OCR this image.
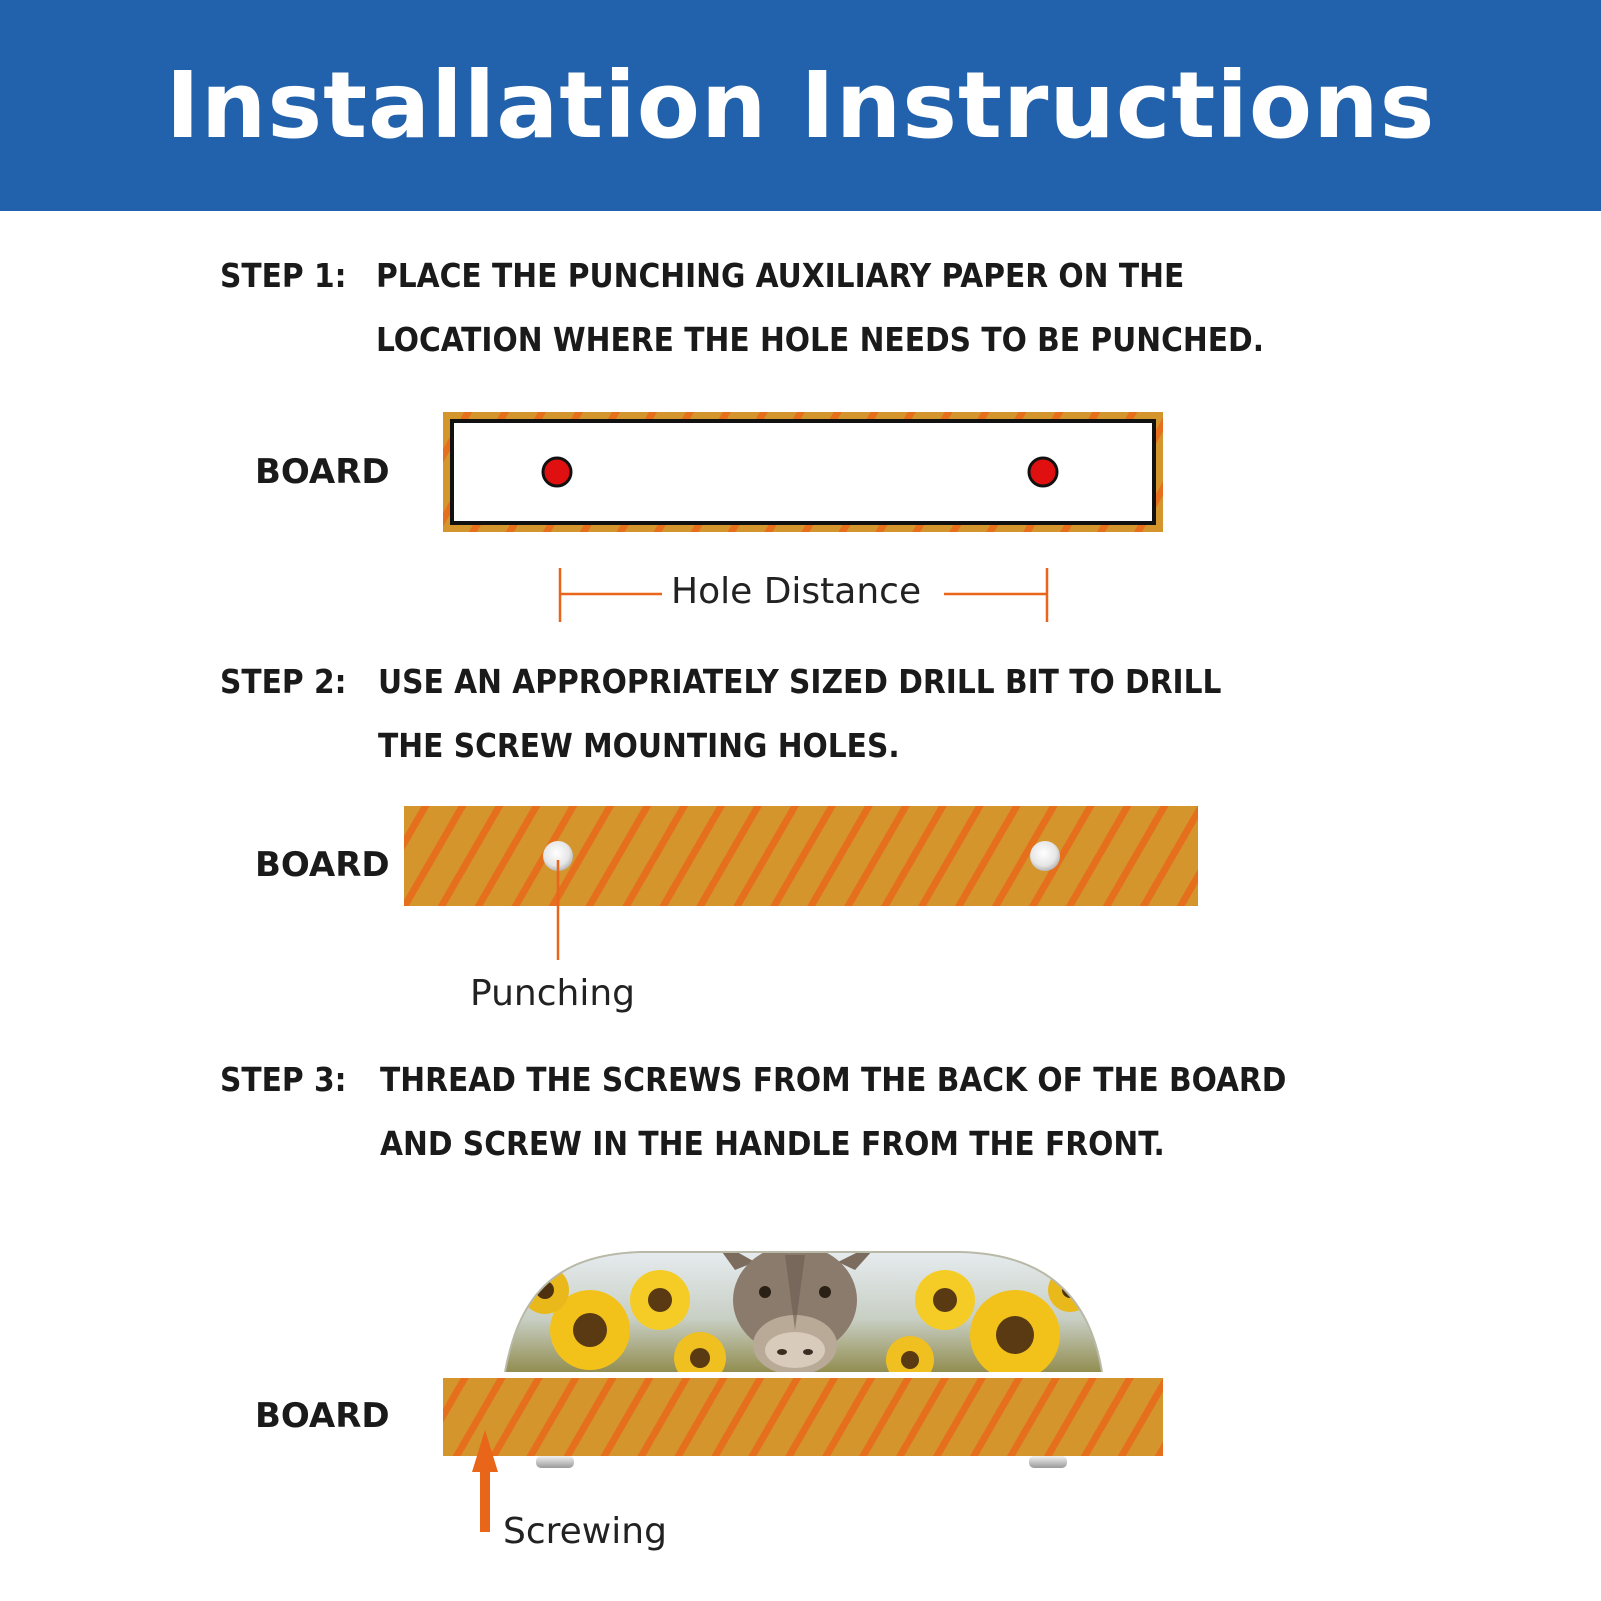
Installation Instructions
STEP 1: PLACE THE PUNCHING AUXILIARY PAPER ON THE
LOCATION WHERE THE HOLE NEEDS TO BE PUNCHED.
STEP 2: USE AN APPROPRIATELY SIZED DRILL BIT TO DRILL
THE SCREW MOUNTING HOLES.
STEP 3: THREAD THE SCREWS FROM THE BACK OF THE BOARD
AND SCREW IN THE HANDLE FROM THE FRONT.
BOARD
BOARD
BOARD
Hole Distance
Punching
Screwing
